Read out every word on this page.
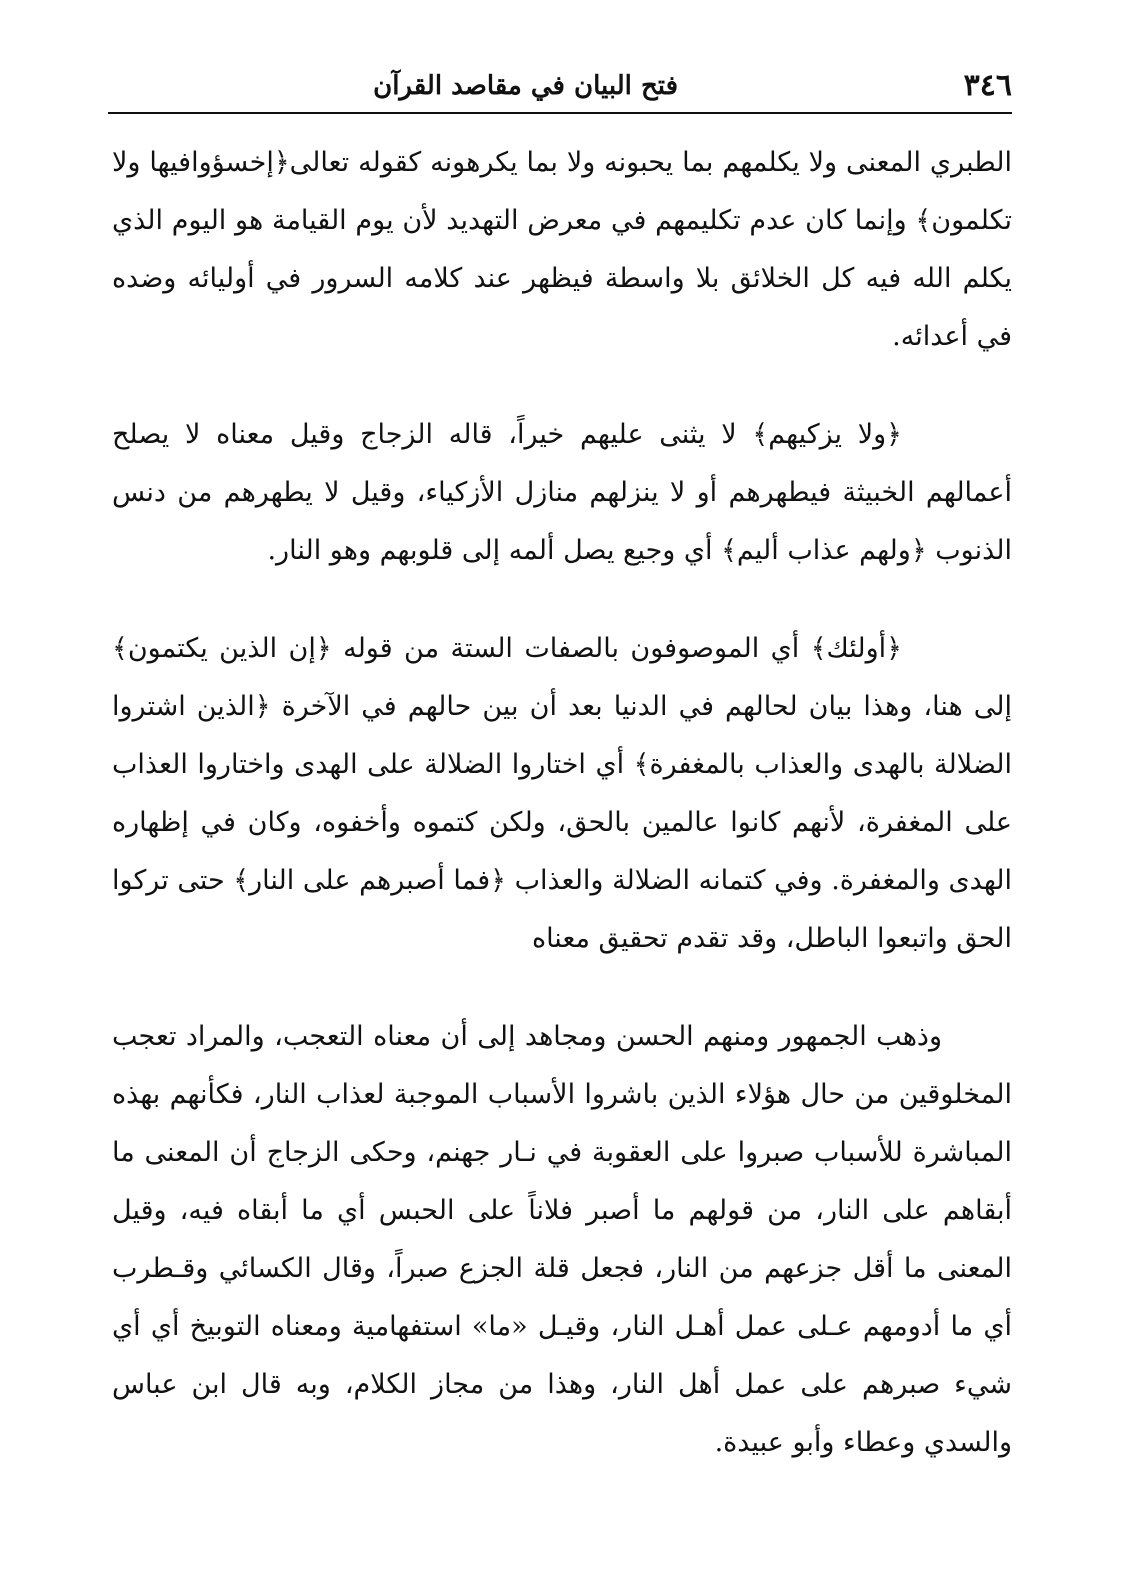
٣٤٦
فتح البيان في مقاصد القرآن

الطبري المعنى ولا يكلمهم بما يحبونه ولا بما يكرهونه كقوله تعالى﴿إخسؤوافيها ولا تكلمون﴾ وإنما كان عدم تكليمهم في معرض التهديد لأن يوم القيامة هو اليوم الذي يكلم الله فيه كل الخلائق بلا واسطة فيظهر عند كلامه السرور في أوليائه وضده في أعدائه.

﴿ولا يزكيهم﴾ لا يثنى عليهم خيراً، قاله الزجاج وقيل معناه لا يصلح أعمالهم الخبيثة فيطهرهم أو لا ينزلهم منازل الأزكياء، وقيل لا يطهرهم من دنس الذنوب ﴿ولهم عذاب أليم﴾ أي وجيع يصل ألمه إلى قلوبهم وهو النار.

﴿أولئك﴾ أي الموصوفون بالصفات الستة من قوله ﴿إن الذين يكتمون﴾ إلى هنا، وهذا بيان لحالهم في الدنيا بعد أن بين حالهم في الآخرة ﴿الذين اشتروا الضلالة بالهدى والعذاب بالمغفرة﴾ أي اختاروا الضلالة على الهدى واختاروا العذاب على المغفرة، لأنهم كانوا عالمين بالحق، ولكن كتموه وأخفوه، وكان في إظهاره الهدى والمغفرة. وفي كتمانه الضلالة والعذاب ﴿فما أصبرهم على النار﴾ حتى تركوا الحق واتبعوا الباطل، وقد تقدم تحقيق معناه

وذهب الجمهور ومنهم الحسن ومجاهد إلى أن معناه التعجب، والمراد تعجب المخلوقين من حال هؤلاء الذين باشروا الأسباب الموجبة لعذاب النار، فكأنهم بهذه المباشرة للأسباب صبروا على العقوبة في نـار جهنم، وحكى الزجاج أن المعنى ما أبقاهم على النار، من قولهم ما أصبر فلاناً على الحبس أي ما أبقاه فيه، وقيل المعنى ما أقل جزعهم من النار، فجعل قلة الجزع صبراً، وقال الكسائي وقـطرب أي ما أدومهم عـلى عمل أهـل النار، وقيـل «ما» استفهامية ومعناه التوبيخ أي أي شيء صبرهم على عمل أهل النار، وهذا من مجاز الكلام، وبه قال ابن عباس والسدي وعطاء وأبو عبيدة.
